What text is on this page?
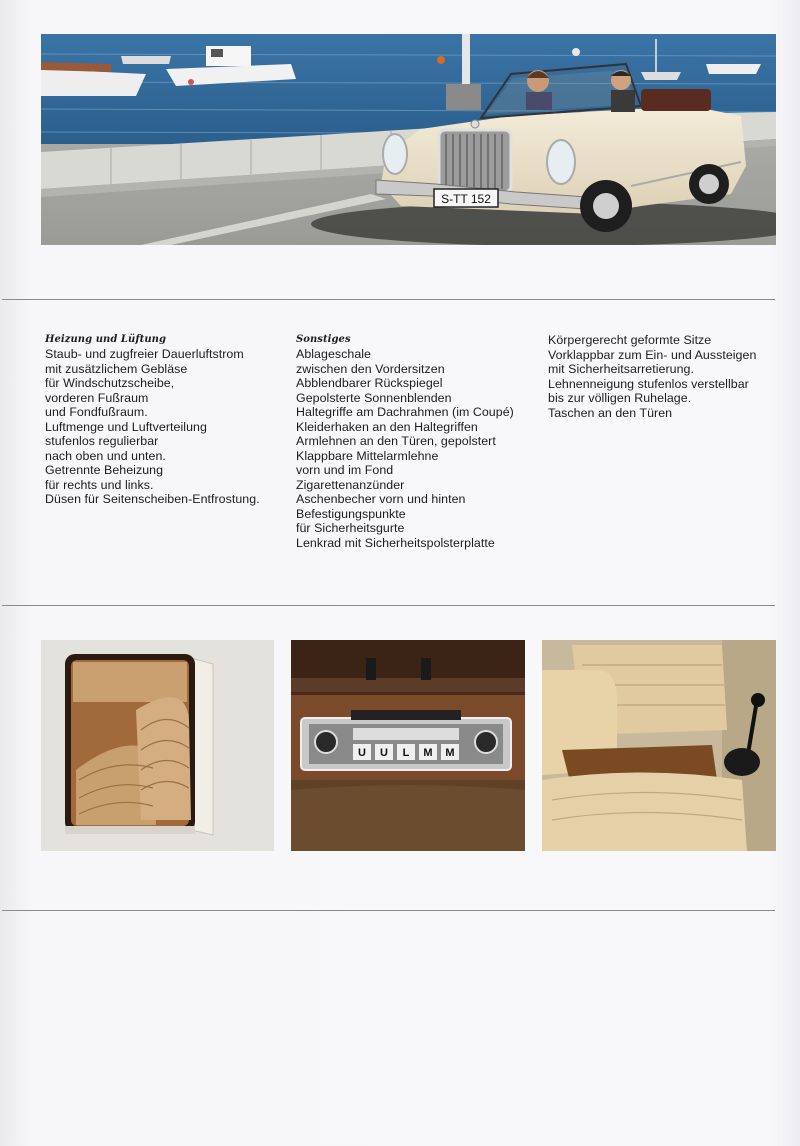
S-TT 152
Heizung und Lüftung
Staub- und zugfreier Dauerluftstrom
mit zusätzlichem Gebläse
für Windschutzscheibe,
vorderen Fußraum
und Fondfußraum.
Luftmenge und Luftverteilung
stufenlos regulierbar
nach oben und unten.
Getrennte Beheizung
für rechts und links.
Düsen für Seitenscheiben-Entfrostung.
Sonstiges
Ablageschale
zwischen den Vordersitzen
Abblendbarer Rückspiegel
Gepolsterte Sonnenblenden
Haltegriffe am Dachrahmen (im Coupé)
Kleiderhaken an den Haltegriffen
Armlehnen an den Türen, gepolstert
Klappbare Mittelarmlehne
vorn und im Fond
Zigarettenanzünder
Aschenbecher vorn und hinten
Befestigungspunkte
für Sicherheitsgurte
Lenkrad mit Sicherheitspolsterplatte
Körpergerecht geformte Sitze
Vorklappbar zum Ein- und Aussteigen
mit Sicherheitsarretierung.
Lehnenneigung stufenlos verstellbar
bis zur völligen Ruhelage.
Taschen an den Türen
U U L M M
